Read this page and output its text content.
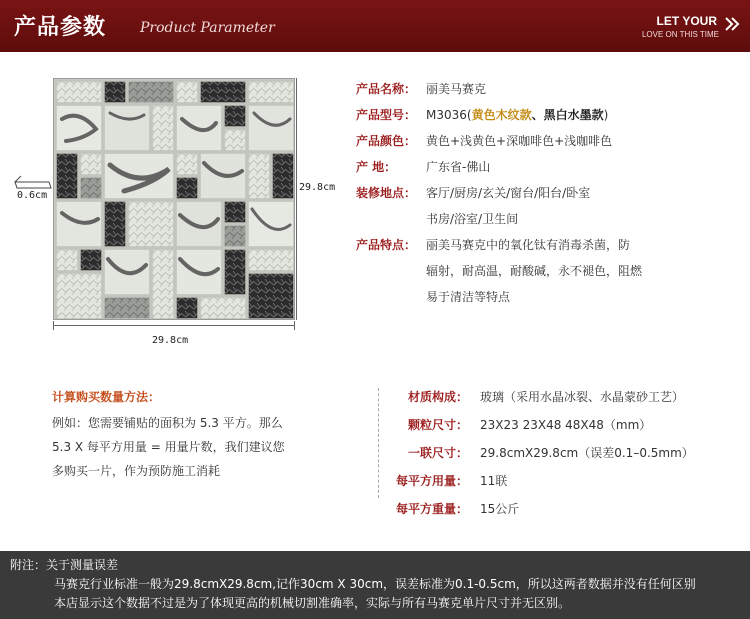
产品参数 Product Parameter	LET YOUR
LOVE ON THIS TIME
29.8cm
29.8cm
0.6cm
产品名称： 丽美马赛克
产品型号： M3036(黄色木纹款、黑白水墨款)
产品颜色： 黄色+浅黄色+深咖啡色+浅咖啡色
产 地：	广东省-佛山
装修地点： 客厅/厨房/玄关/窗台/阳台/卧室
书房/浴室/卫生间
产品特点： 丽美马赛克中的氧化钛有消毒杀菌，防
辐射，耐高温，耐酸碱，永不褪色，阻燃
易于清洁等特点
计算购买数量方法：
例如：您需要铺贴的面积为 5.3 平方。那么
5.3 X 每平方用量 = 用量片数，我们建议您
多购买一片，作为预防施工消耗
材质构成： 玻璃（采用水晶冰裂、水晶蒙砂工艺）
颗粒尺寸： 23X23 23X48 48X48（mm）
一联尺寸： 29.8cmX29.8cm（误差0.1–0.5mm）
每平方用量： 11联
每平方重量： 15公斤
附注：关于测量误差
马赛克行业标准一般为29.8cmX29.8cm,记作30cm X 30cm，误差标准为0.1-0.5cm，所以这两者数据并没有任何区别
本店显示这个数据不过是为了体现更高的机械切割准确率，实际与所有马赛克单片尺寸并无区别。
